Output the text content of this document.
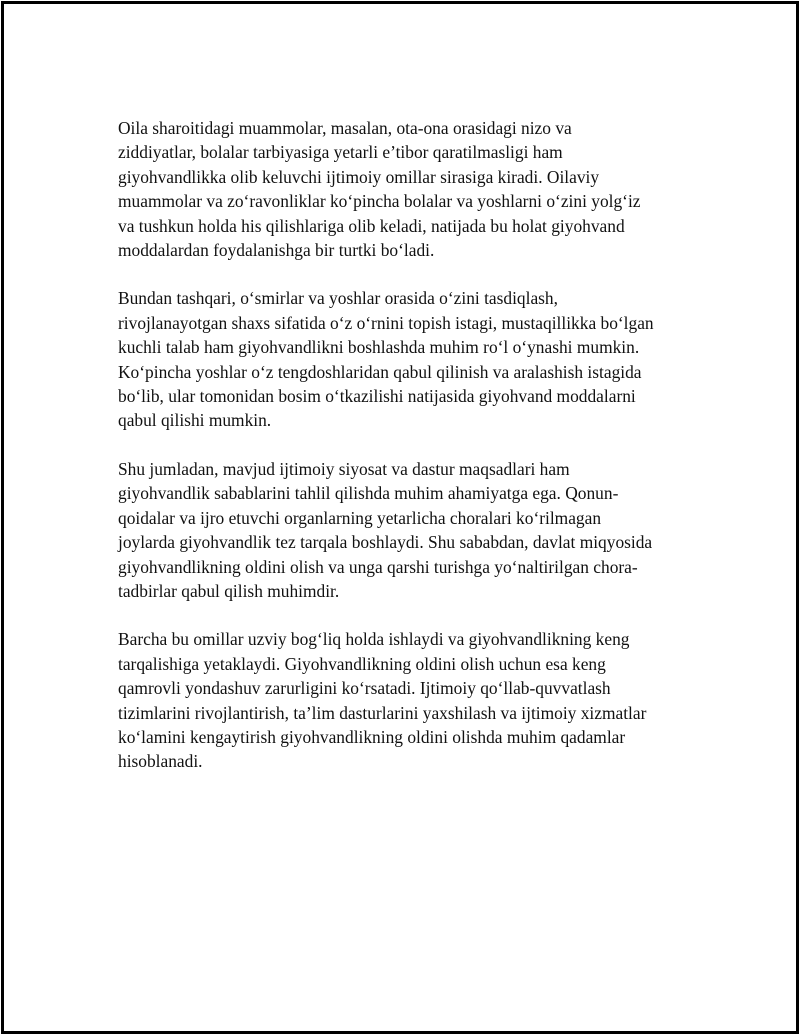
Oila sharoitidagi muammolar, masalan, ota-ona orasidagi nizo va
ziddiyatlar, bolalar tarbiyasiga yetarli e’tibor qaratilmasligi ham
giyohvandlikka olib keluvchi ijtimoiy omillar sirasiga kiradi. Oilaviy
muammolar va zo‘ravonliklar ko‘pincha bolalar va yoshlarni o‘zini yolg‘iz
va tushkun holda his qilishlariga olib keladi, natijada bu holat giyohvand
moddalardan foydalanishga bir turtki bo‘ladi.

Bundan tashqari, o‘smirlar va yoshlar orasida o‘zini tasdiqlash,
rivojlanayotgan shaxs sifatida o‘z o‘rnini topish istagi, mustaqillikka bo‘lgan
kuchli talab ham giyohvandlikni boshlashda muhim ro‘l o‘ynashi mumkin.
Ko‘pincha yoshlar o‘z tengdoshlaridan qabul qilinish va aralashish istagida
bo‘lib, ular tomonidan bosim o‘tkazilishi natijasida giyohvand moddalarni
qabul qilishi mumkin.

Shu jumladan, mavjud ijtimoiy siyosat va dastur maqsadlari ham
giyohvandlik sabablarini tahlil qilishda muhim ahamiyatga ega. Qonun-
qoidalar va ijro etuvchi organlarning yetarlicha choralari ko‘rilmagan
joylarda giyohvandlik tez tarqala boshlaydi. Shu sababdan, davlat miqyosida
giyohvandlikning oldini olish va unga qarshi turishga yo‘naltirilgan chora-
tadbirlar qabul qilish muhimdir.

Barcha bu omillar uzviy bog‘liq holda ishlaydi va giyohvandlikning keng
tarqalishiga yetaklaydi. Giyohvandlikning oldini olish uchun esa keng
qamrovli yondashuv zarurligini ko‘rsatadi. Ijtimoiy qo‘llab-quvvatlash
tizimlarini rivojlantirish, ta’lim dasturlarini yaxshilash va ijtimoiy xizmatlar
ko‘lamini kengaytirish giyohvandlikning oldini olishda muhim qadamlar
hisoblanadi.
